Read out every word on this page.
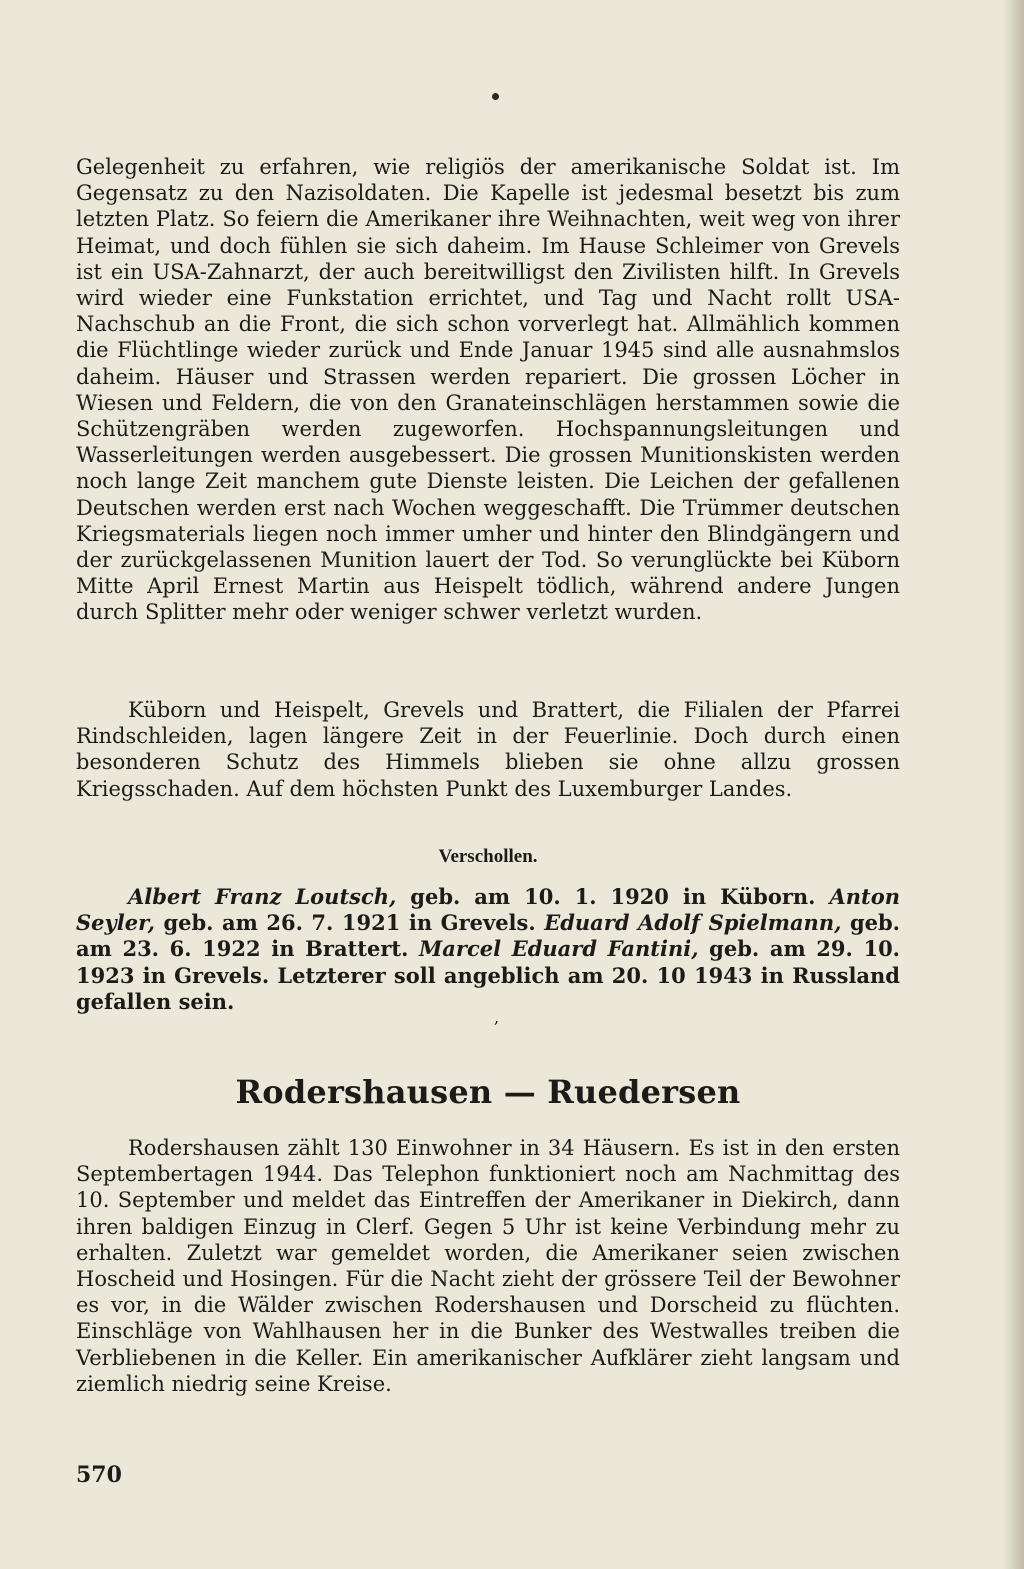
Gelegenheit zu erfahren, wie religiös der amerikanische Soldat ist. Im Gegensatz zu den Nazisoldaten. Die Kapelle ist jedesmal besetzt bis zum letzten Platz. So feiern die Amerikaner ihre Weihnachten, weit weg von ihrer Heimat, und doch fühlen sie sich daheim. Im Hause Schleimer von Grevels ist ein USA-Zahnarzt, der auch bereitwilligst den Zivilisten hilft. In Grevels wird wieder eine Funkstation errichtet, und Tag und Nacht rollt USA-Nachschub an die Front, die sich schon vorverlegt hat. Allmählich kommen die Flüchtlinge wieder zurück und Ende Januar 1945 sind alle ausnahmslos daheim. Häuser und Strassen werden repariert. Die grossen Löcher in Wiesen und Feldern, die von den Granateinschlägen herstammen sowie die Schützengräben werden zugeworfen. Hochspannungsleitungen und Wasserleitungen werden ausgebessert. Die grossen Munitionskisten werden noch lange Zeit manchem gute Dienste leisten. Die Leichen der gefallenen Deutschen werden erst nach Wochen weggeschafft. Die Trümmer deutschen Kriegsmaterials liegen noch immer umher und hinter den Blindgängern und der zurückgelassenen Munition lauert der Tod. So verunglückte bei Küborn Mitte April Ernest Martin aus Heispelt tödlich, während andere Jungen durch Splitter mehr oder weniger schwer verletzt wurden.

Küborn und Heispelt, Grevels und Brattert, die Filialen der Pfarrei Rindschleiden, lagen längere Zeit in der Feuerlinie. Doch durch einen besonderen Schutz des Himmels blieben sie ohne allzu grossen Kriegsschaden. Auf dem höchsten Punkt des Luxemburger Landes.

Verschollen.

Albert Franz Loutsch, geb. am 10. 1. 1920 in Küborn. Anton Seyler, geb. am 26. 7. 1921 in Grevels. Eduard Adolf Spielmann, geb. am 23. 6. 1922 in Brattert. Marcel Eduard Fantini, geb. am 29. 10. 1923 in Grevels. Letzterer soll angeblich am 20. 10 1943 in Russland gefallen sein.

,
Rodershausen — Ruedersen

Rodershausen zählt 130 Einwohner in 34 Häusern. Es ist in den ersten Septembertagen 1944. Das Telephon funktioniert noch am Nachmittag des 10. September und meldet das Eintreffen der Amerikaner in Diekirch, dann ihren baldigen Einzug in Clerf. Gegen 5 Uhr ist keine Verbindung mehr zu erhalten. Zuletzt war gemeldet worden, die Amerikaner seien zwischen Hoscheid und Hosingen. Für die Nacht zieht der grössere Teil der Bewohner es vor, in die Wälder zwischen Rodershausen und Dorscheid zu flüchten. Einschläge von Wahlhausen her in die Bunker des Westwalles treiben die Verbliebenen in die Keller. Ein amerikanischer Aufklärer zieht langsam und ziemlich niedrig seine Kreise.

570
